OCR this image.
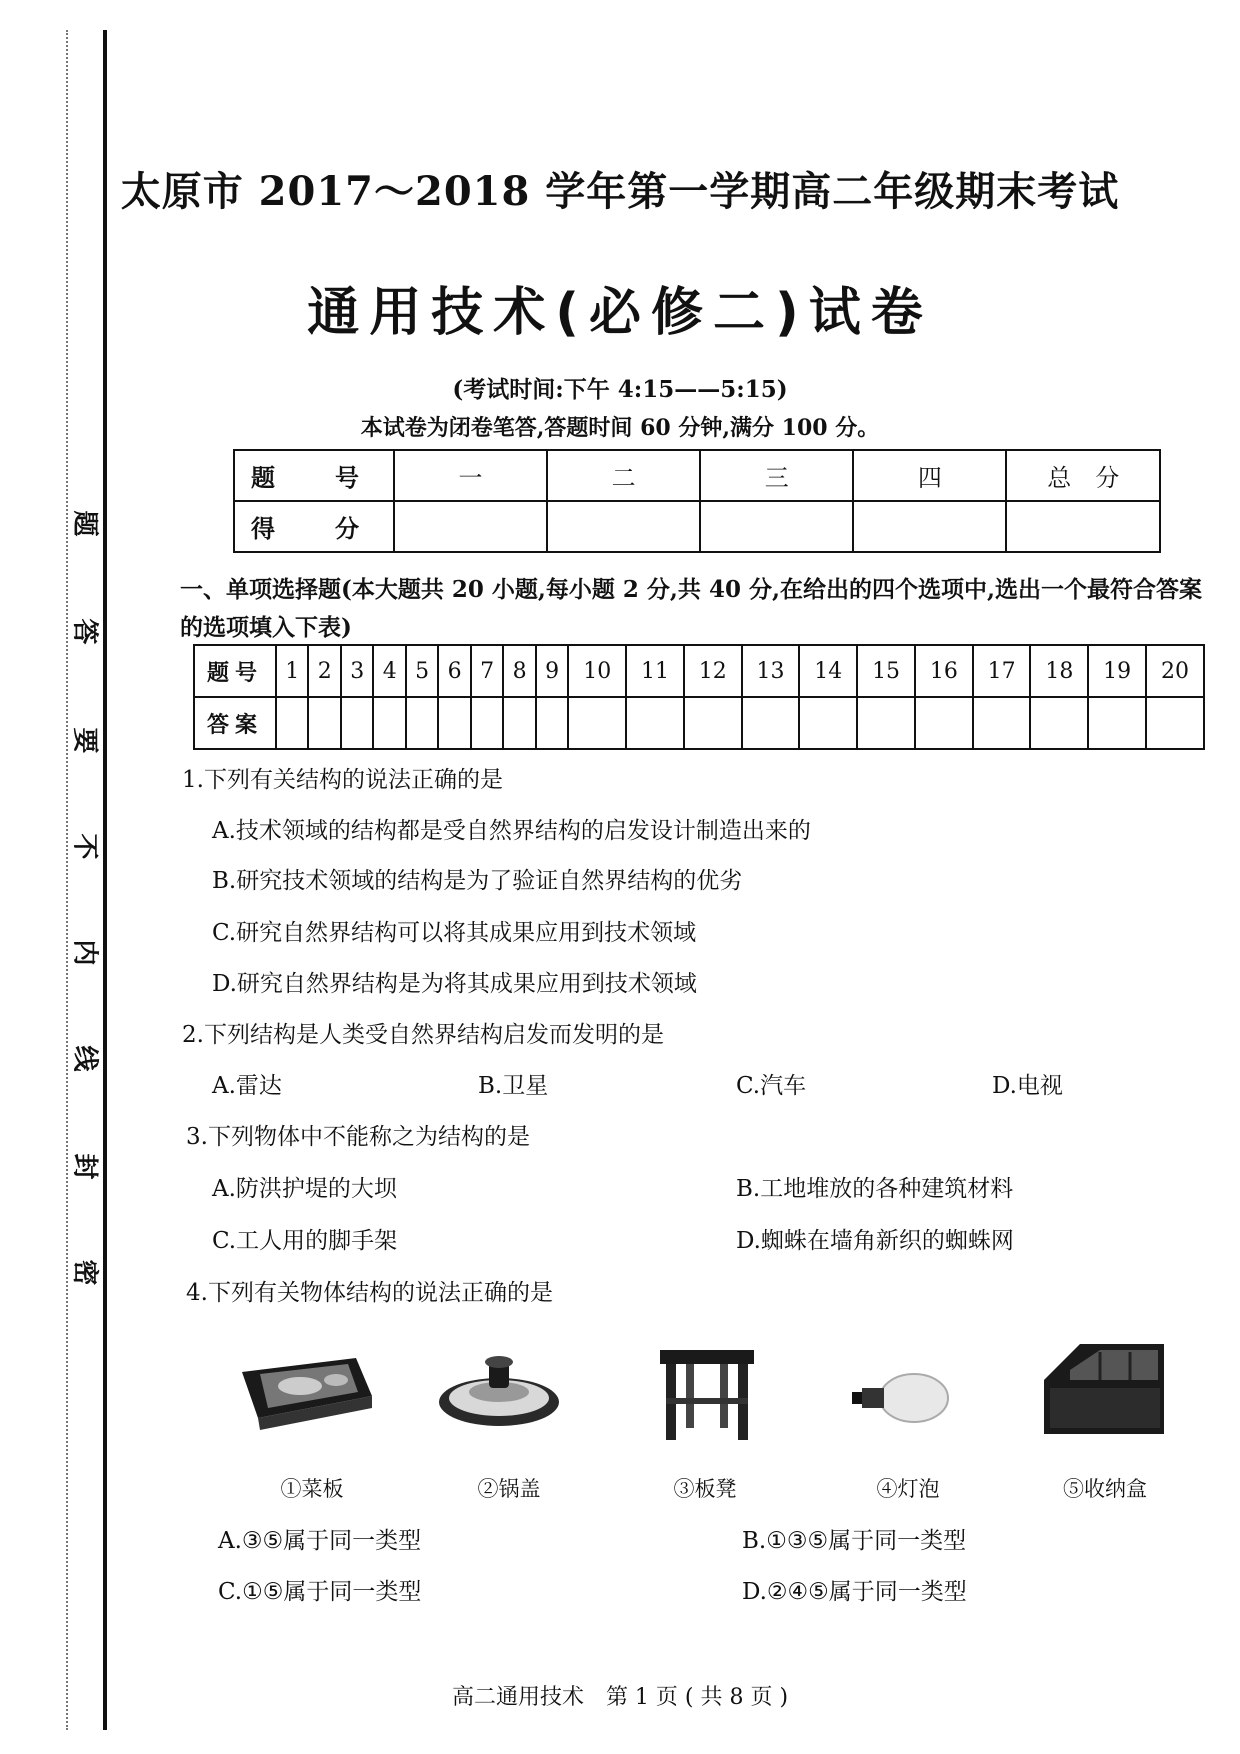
题
答
要
不
内
线
封
密
太原市 2017～2018 学年第一学期高二年级期末考试
通用技术(必修二)试卷
(考试时间:下午 4:15——5:15)
本试卷为闭卷笔答,答题时间 60 分钟,满分 100 分。
题　号	一	二	三	四	总　分
得　分					
一、单项选择题(本大题共 20 小题,每小题 2 分,共 40 分,在给出的四个选项中,选出一个最符合答案的选项填入下表)
题号	1	2	3	4	5	6	7	8	9	10	11	12	13	14	15	16	17	18	19	20
答案																				
1.下列有关结构的说法正确的是
A.技术领域的结构都是受自然界结构的启发设计制造出来的
B.研究技术领域的结构是为了验证自然界结构的优劣
C.研究自然界结构可以将其成果应用到技术领域
D.研究自然界结构是为将其成果应用到技术领域
2.下列结构是人类受自然界结构启发而发明的是
A.雷达	B.卫星	C.汽车	D.电视
3.下列物体中不能称之为结构的是
A.防洪护堤的大坝	B.工地堆放的各种建筑材料
C.工人用的脚手架	D.蜘蛛在墙角新织的蜘蛛网
4.下列有关物体结构的说法正确的是
①菜板	②锅盖	③板凳	④灯泡	⑤收纳盒
A.③⑤属于同一类型	B.①③⑤属于同一类型
C.①⑤属于同一类型	D.②④⑤属于同一类型
高二通用技术　第 1 页 ( 共 8 页 )
